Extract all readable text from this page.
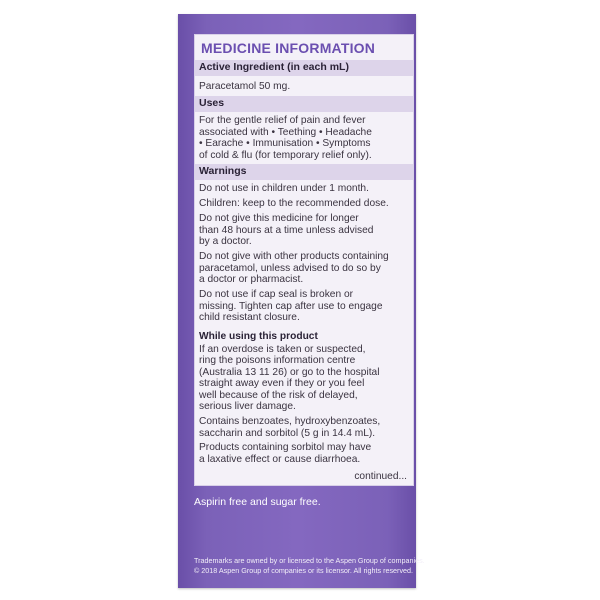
MEDICINE INFORMATION
Active Ingredient (in each mL)
Paracetamol 50 mg.
Uses
For the gentle relief of pain and fever
associated with • Teething • Headache
• Earache • Immunisation • Symptoms
of cold & flu (for temporary relief only).
Warnings
Do not use in children under 1 month.
Children: keep to the recommended dose.
Do not give this medicine for longer
than 48 hours at a time unless advised
by a doctor.
Do not give with other products containing
paracetamol, unless advised to do so by
a doctor or pharmacist.
Do not use if cap seal is broken or
missing. Tighten cap after use to engage
child resistant closure.
While using this product
If an overdose is taken or suspected,
ring the poisons information centre
(Australia 13 11 26) or go to the hospital
straight away even if they or you feel
well because of the risk of delayed,
serious liver damage.
Contains benzoates, hydroxybenzoates,
saccharin and sorbitol (5 g in 14.4 mL).
Products containing sorbitol may have
a laxative effect or cause diarrhoea.
continued...
Aspirin free and sugar free.
Trademarks are owned by or licensed to the Aspen Group of companies.
© 2018 Aspen Group of companies or its licensor. All rights reserved.
